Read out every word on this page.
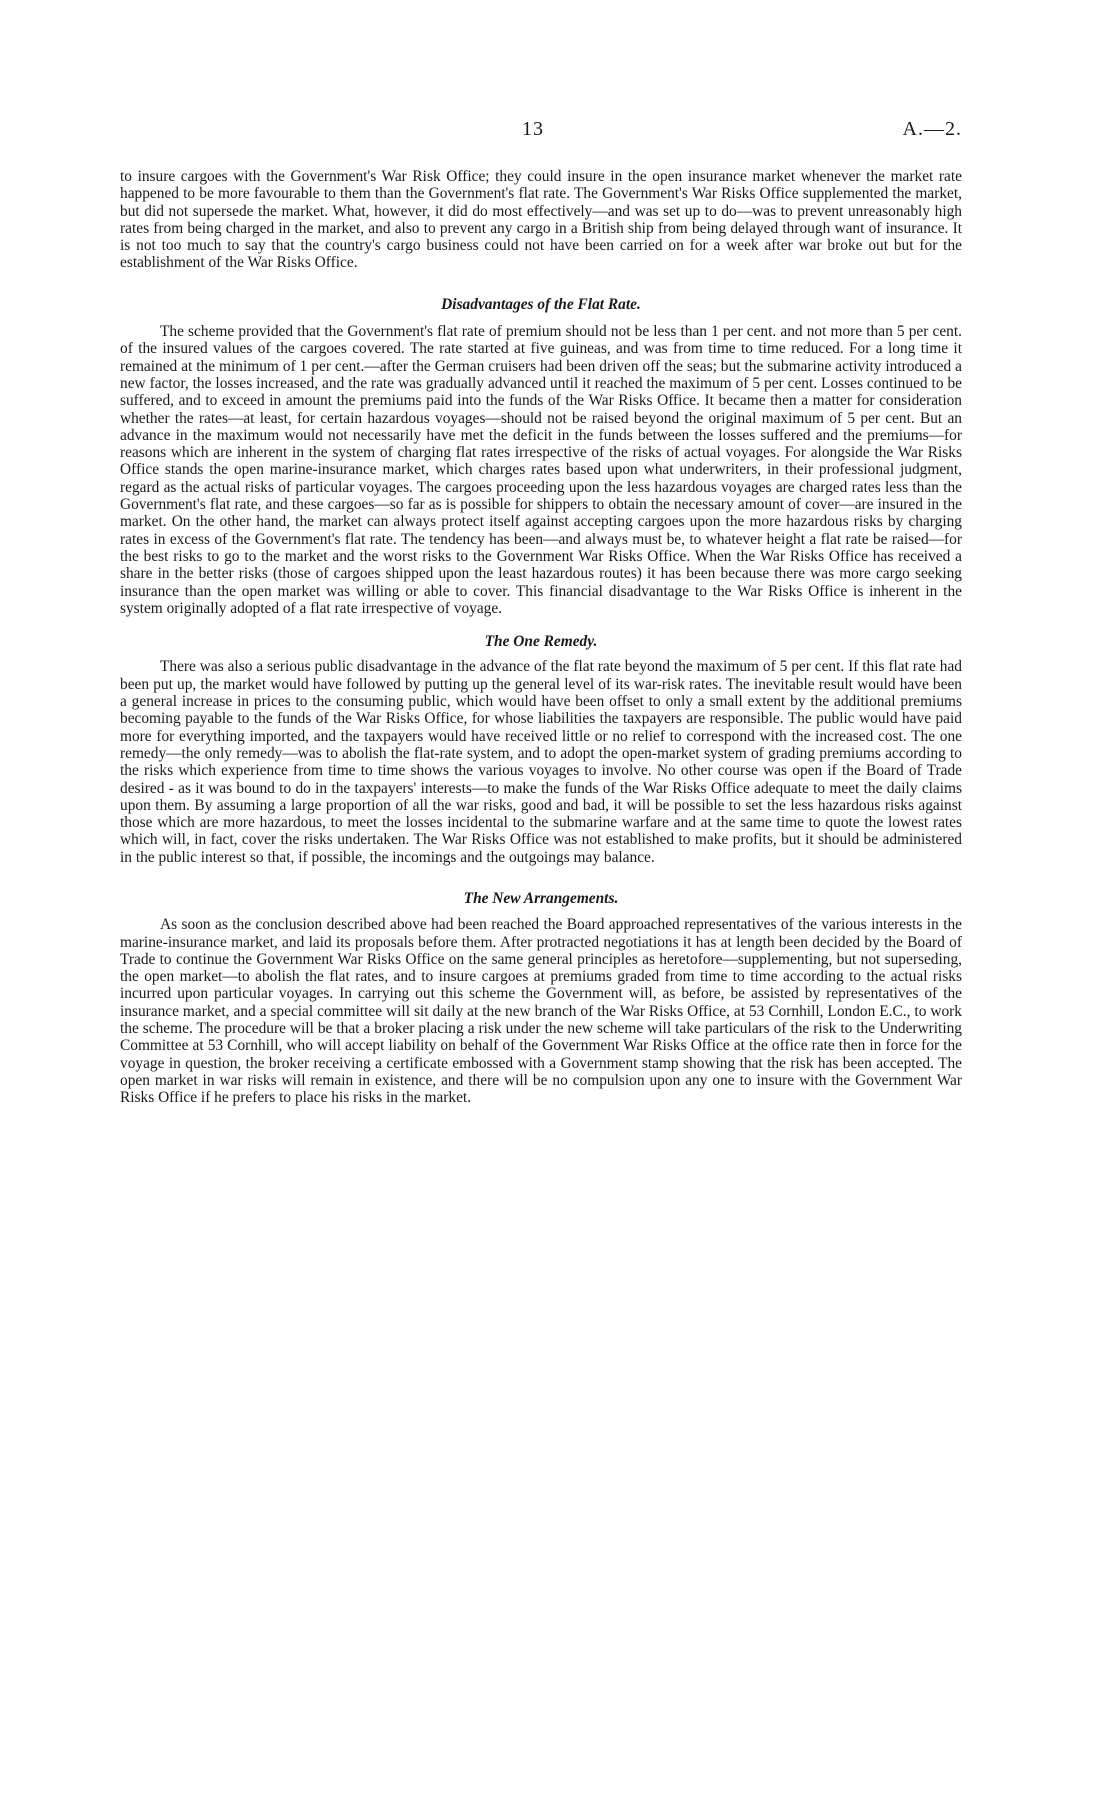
13	A.—2.

to insure cargoes with the Government's War Risk Office; they could insure in the open insurance market whenever the market rate happened to be more favourable to them than the Government's flat rate. The Government's War Risks Office supplemented the market, but did not supersede the market. What, however, it did do most effectively—and was set up to do—was to prevent unreasonably high rates from being charged in the market, and also to prevent any cargo in a British ship from being delayed through want of insurance. It is not too much to say that the country's cargo business could not have been carried on for a week after war broke out but for the establishment of the War Risks Office.

Disadvantages of the Flat Rate.

The scheme provided that the Government's flat rate of premium should not be less than 1 per cent. and not more than 5 per cent. of the insured values of the cargoes covered. The rate started at five guineas, and was from time to time reduced. For a long time it remained at the minimum of 1 per cent.—after the German cruisers had been driven off the seas; but the submarine activity introduced a new factor, the losses increased, and the rate was gradually advanced until it reached the maximum of 5 per cent. Losses continued to be suffered, and to exceed in amount the premiums paid into the funds of the War Risks Office. It became then a matter for consideration whether the rates—at least, for certain hazardous voyages—should not be raised beyond the original maximum of 5 per cent. But an advance in the maximum would not necessarily have met the deficit in the funds between the losses suffered and the premiums—for reasons which are inherent in the system of charging flat rates irrespective of the risks of actual voyages. For alongside the War Risks Office stands the open marine-insurance market, which charges rates based upon what underwriters, in their professional judgment, regard as the actual risks of particular voyages. The cargoes proceeding upon the less hazardous voyages are charged rates less than the Government's flat rate, and these cargoes—so far as is possible for shippers to obtain the necessary amount of cover—are insured in the market. On the other hand, the market can always protect itself against accepting cargoes upon the more hazardous risks by charging rates in excess of the Government's flat rate. The tendency has been—and always must be, to whatever height a flat rate be raised—for the best risks to go to the market and the worst risks to the Government War Risks Office. When the War Risks Office has received a share in the better risks (those of cargoes shipped upon the least hazardous routes) it has been because there was more cargo seeking insurance than the open market was willing or able to cover. This financial disadvantage to the War Risks Office is inherent in the system originally adopted of a flat rate irrespective of voyage.

The One Remedy.

There was also a serious public disadvantage in the advance of the flat rate beyond the maximum of 5 per cent. If this flat rate had been put up, the market would have followed by putting up the general level of its war-risk rates. The inevitable result would have been a general increase in prices to the consuming public, which would have been offset to only a small extent by the additional premiums becoming payable to the funds of the War Risks Office, for whose liabilities the taxpayers are responsible. The public would have paid more for everything imported, and the taxpayers would have received little or no relief to correspond with the increased cost. The one remedy—the only remedy—was to abolish the flat-rate system, and to adopt the open-market system of grading premiums according to the risks which experience from time to time shows the various voyages to involve. No other course was open if the Board of Trade desired - as it was bound to do in the taxpayers' interests—to make the funds of the War Risks Office adequate to meet the daily claims upon them. By assuming a large proportion of all the war risks, good and bad, it will be possible to set the less hazardous risks against those which are more hazardous, to meet the losses incidental to the submarine warfare and at the same time to quote the lowest rates which will, in fact, cover the risks undertaken. The War Risks Office was not established to make profits, but it should be administered in the public interest so that, if possible, the incomings and the outgoings may balance.

The New Arrangements.

As soon as the conclusion described above had been reached the Board approached representatives of the various interests in the marine-insurance market, and laid its proposals before them. After protracted negotiations it has at length been decided by the Board of Trade to continue the Government War Risks Office on the same general principles as heretofore—supplementing, but not superseding, the open market—to abolish the flat rates, and to insure cargoes at premiums graded from time to time according to the actual risks incurred upon particular voyages. In carrying out this scheme the Government will, as before, be assisted by representatives of the insurance market, and a special committee will sit daily at the new branch of the War Risks Office, at 53 Cornhill, London E.C., to work the scheme. The procedure will be that a broker placing a risk under the new scheme will take particulars of the risk to the Underwriting Committee at 53 Cornhill, who will accept liability on behalf of the Government War Risks Office at the office rate then in force for the voyage in question, the broker receiving a certificate embossed with a Government stamp showing that the risk has been accepted. The open market in war risks will remain in existence, and there will be no compulsion upon any one to insure with the Government War Risks Office if he prefers to place his risks in the market.
